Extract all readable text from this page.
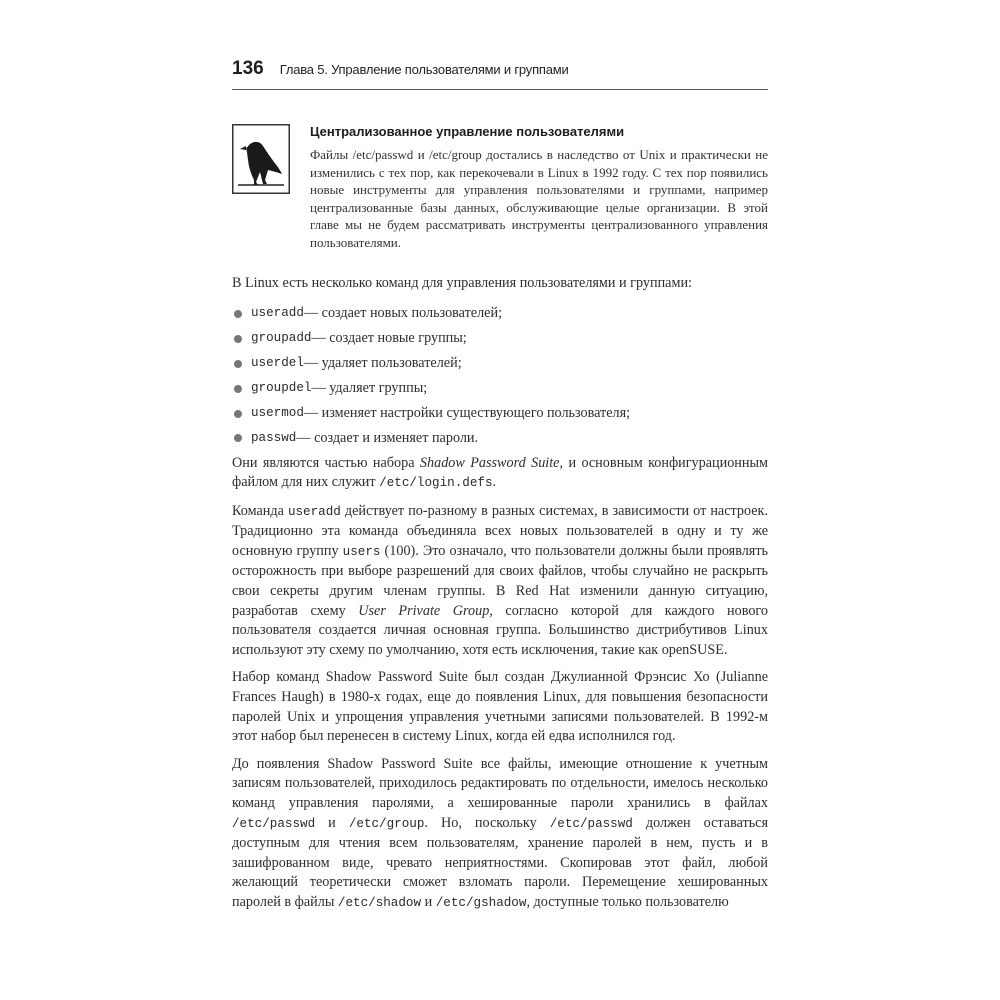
136 Глава 5. Управление пользователями и группами

Централизованное управление пользователями

Файлы /etc/passwd и /etc/group достались в наследство от Unix и практически не изменились с тех пор, как перекочевали в Linux в 1992 году. С тех пор появились новые инструменты для управления пользователями и группами, например централизованные базы данных, обслуживающие целые организации. В этой главе мы не будем рассматривать инструменты централизованного управления пользователями.

В Linux есть несколько команд для управления пользователями и группами:

useradd — создает новых пользователей;
groupadd — создает новые группы;
userdel — удаляет пользователей;
groupdel — удаляет группы;
usermod — изменяет настройки существующего пользователя;
passwd — создает и изменяет пароли.

Они являются частью набора Shadow Password Suite, и основным конфигурационным файлом для них служит /etc/login.defs.

Команда useradd действует по-разному в разных системах, в зависимости от настроек. Традиционно эта команда объединяла всех новых пользователей в одну и ту же основную группу users (100). Это означало, что пользователи должны были проявлять осторожность при выборе разрешений для своих файлов, чтобы случайно не раскрыть свои секреты другим членам группы. В Red Hat изменили данную ситуацию, разработав схему User Private Group, согласно которой для каждого нового пользователя создается личная основная группа. Большинство дистрибутивов Linux используют эту схему по умолчанию, хотя есть исключения, такие как openSUSE.

Набор команд Shadow Password Suite был создан Джулианной Фрэнсис Хо (Julianne Frances Haugh) в 1980-х годах, еще до появления Linux, для повышения безопасности паролей Unix и упрощения управления учетными записями пользователей. В 1992-м этот набор был перенесен в систему Linux, когда ей едва исполнился год.

До появления Shadow Password Suite все файлы, имеющие отношение к учетным записям пользователей, приходилось редактировать по отдельности, имелось несколько команд управления паролями, а хешированные пароли хранились в файлах /etc/passwd и /etc/group. Но, поскольку /etc/passwd должен оставаться доступным для чтения всем пользователям, хранение паролей в нем, пусть и в зашифрованном виде, чревато неприятностями. Скопировав этот файл, любой желающий теоретически сможет взломать пароли. Перемещение хешированных паролей в файлы /etc/shadow и /etc/gshadow, доступные только пользователю
